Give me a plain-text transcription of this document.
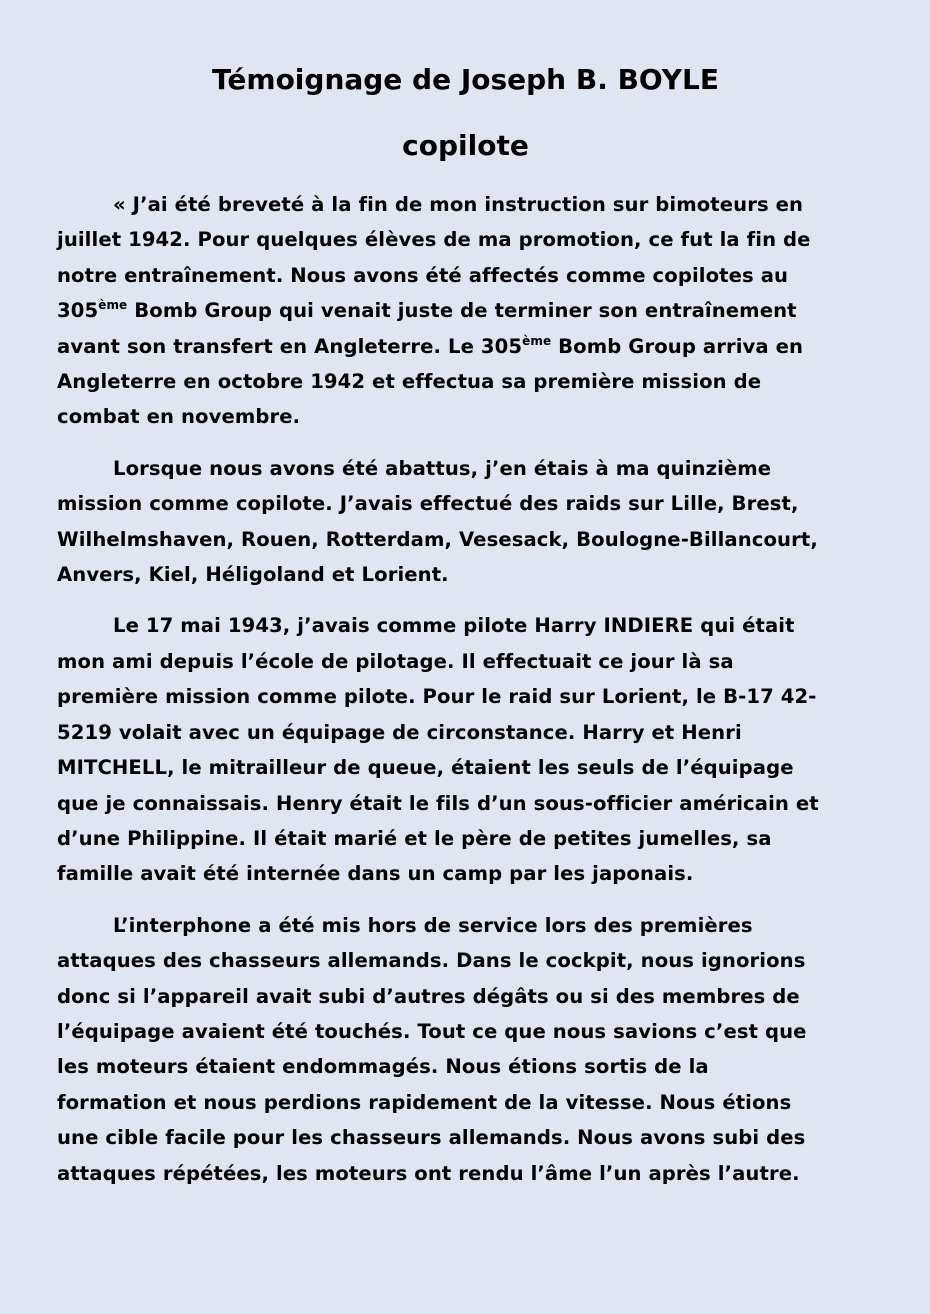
Témoignage de Joseph B. BOYLE
copilote

« J’ai été breveté à la fin de mon instruction sur bimoteurs en
juillet 1942. Pour quelques élèves de ma promotion, ce fut la fin de
notre entraînement. Nous avons été affectés comme copilotes au
305ème Bomb Group qui venait juste de terminer son entraînement
avant son transfert en Angleterre. Le 305ème Bomb Group arriva en
Angleterre en octobre 1942 et effectua sa première mission de
combat en novembre.

Lorsque nous avons été abattus, j’en étais à ma quinzième
mission comme copilote. J’avais effectué des raids sur Lille, Brest,
Wilhelmshaven, Rouen, Rotterdam, Vesesack, Boulogne-Billancourt,
Anvers, Kiel, Héligoland et Lorient.

Le 17 mai 1943, j’avais comme pilote Harry INDIERE qui était
mon ami depuis l’école de pilotage. Il effectuait ce jour là sa
première mission comme pilote. Pour le raid sur Lorient, le B-17 42-
5219 volait avec un équipage de circonstance. Harry et Henri
MITCHELL, le mitrailleur de queue, étaient les seuls de l’équipage
que je connaissais. Henry était le fils d’un sous-officier américain et
d’une Philippine. Il était marié et le père de petites jumelles, sa
famille avait été internée dans un camp par les japonais.

L’interphone a été mis hors de service lors des premières
attaques des chasseurs allemands. Dans le cockpit, nous ignorions
donc si l’appareil avait subi d’autres dégâts ou si des membres de
l’équipage avaient été touchés. Tout ce que nous savions c’est que
les moteurs étaient endommagés. Nous étions sortis de la
formation et nous perdions rapidement de la vitesse. Nous étions
une cible facile pour les chasseurs allemands. Nous avons subi des
attaques répétées, les moteurs ont rendu l’âme l’un après l’autre.
